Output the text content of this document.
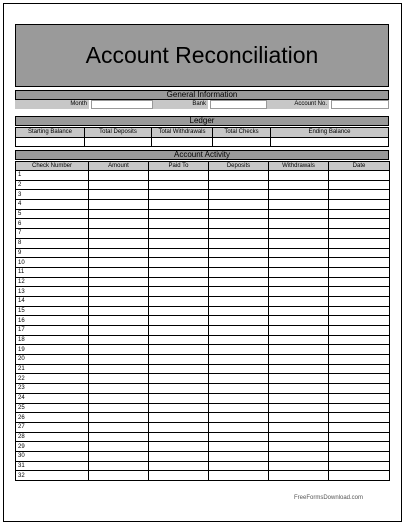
Account Reconciliation
General Information
Month	Bank	Account No.
Ledger
Starting Balance	Total Deposits	Total Withdrawals	Total Checks	Ending Balance
Account Activity
Check Number	Amount	Paid To	Deposits	Withdrawals	Date
1					
2					
3					
4					
5					
6					
7					
8					
9					
10					
11					
12					
13					
14					
15					
16					
17					
18					
19					
20					
21					
22					
23					
24					
25					
26					
27					
28					
29					
30					
31					
32					
FreeFormsDownload.com
